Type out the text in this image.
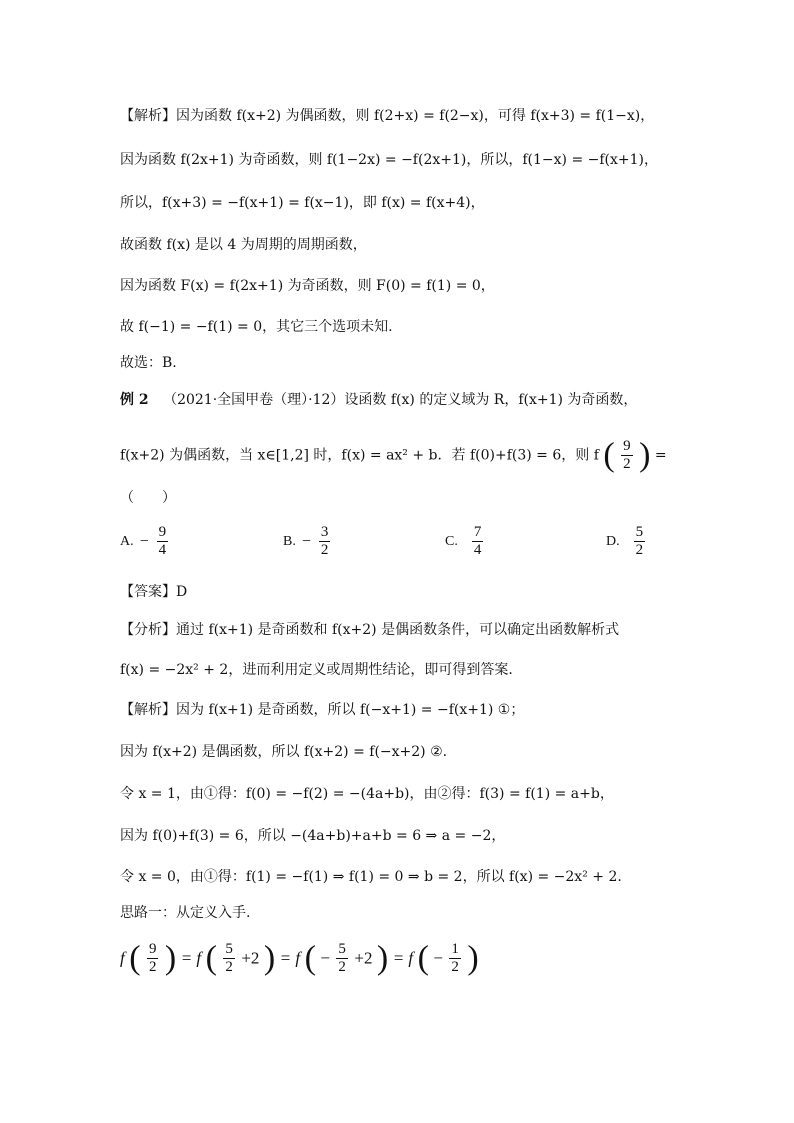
【解析】因为函数 f(x+2) 为偶函数，则 f(2+x) = f(2−x)，可得 f(x+3) = f(1−x)，
因为函数 f(2x+1) 为奇函数，则 f(1−2x) = −f(2x+1)，所以，f(1−x) = −f(x+1)，
所以，f(x+3) = −f(x+1) = f(x−1)，即 f(x) = f(x+4)，
故函数 f(x) 是以 4 为周期的周期函数，
因为函数 F(x) = f(2x+1) 为奇函数，则 F(0) = f(1) = 0，
故 f(−1) = −f(1) = 0，其它三个选项未知.
故选：B.
例 2 （2021·全国甲卷（理）·12）设函数 f(x) 的定义域为 R，f(x+1) 为奇函数，
f(x+2) 为偶函数，当 x∈[1,2] 时，f(x) = ax² + b．若 f(0)+f(3) = 6，则 f ( $\frac{9}{2}$ ) =
（　　）
A. − $\frac{9}{4}$	B. − $\frac{3}{2}$	C. $\frac{7}{4}$	D. $\frac{5}{2}$
【答案】D
【分析】通过 f(x+1) 是奇函数和 f(x+2) 是偶函数条件，可以确定出函数解析式
f(x) = −2x² + 2，进而利用定义或周期性结论，即可得到答案.
【解析】因为 f(x+1) 是奇函数，所以 f(−x+1) = −f(x+1) ①；
因为 f(x+2) 是偶函数，所以 f(x+2) = f(−x+2) ②.
令 x = 1，由①得：f(0) = −f(2) = −(4a+b)，由②得：f(3) = f(1) = a+b，
因为 f(0)+f(3) = 6，所以 −(4a+b)+a+b = 6 ⇒ a = −2，
令 x = 0，由①得：f(1) = −f(1) ⇒ f(1) = 0 ⇒ b = 2，所以 f(x) = −2x² + 2.
思路一：从定义入手.
f ( $\frac{9}{2}$ ) = f ( $\frac{5}{2} +2$ ) = f ( − $\frac{5}{2} +2$ ) = f ( − $\frac{1}{2}$ )
